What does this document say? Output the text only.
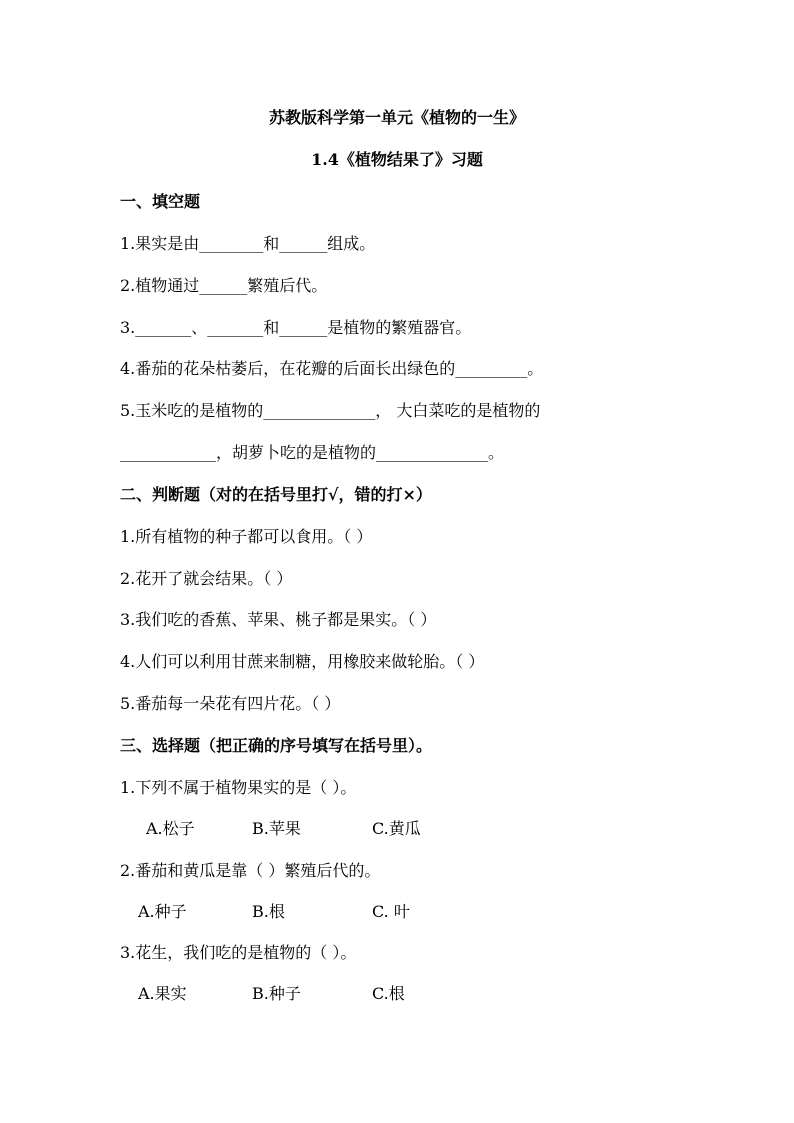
苏教版科学第一单元《植物的一生》
1.4《植物结果了》习题
一、填空题
1.果实是由________和______组成。
2.植物通过______繁殖后代。
3._______、_______和______是植物的繁殖器官。
4.番茄的花朵枯萎后，在花瓣的后面长出绿色的_________。
5.玉米吃的是植物的______________， 大白菜吃的是植物的
____________，胡萝卜吃的是植物的______________。
二、判断题（对的在括号里打√，错的打×）
1.所有植物的种子都可以食用。（ ）
2.花开了就会结果。（ ）
3.我们吃的香蕉、苹果、桃子都是果实。（ ）
4.人们可以利用甘蔗来制糖，用橡胶来做轮胎。（ ）
5.番茄每一朵花有四片花。（ ）
三、选择题（把正确的序号填写在括号里）。
1.下列不属于植物果实的是（ ）。
A.松子	B.苹果	C.黄瓜
2.番茄和黄瓜是靠（ ）繁殖后代的。
A.种子	B.根	C. 叶
3.花生，我们吃的是植物的（ ）。
A.果实	B.种子	C.根
